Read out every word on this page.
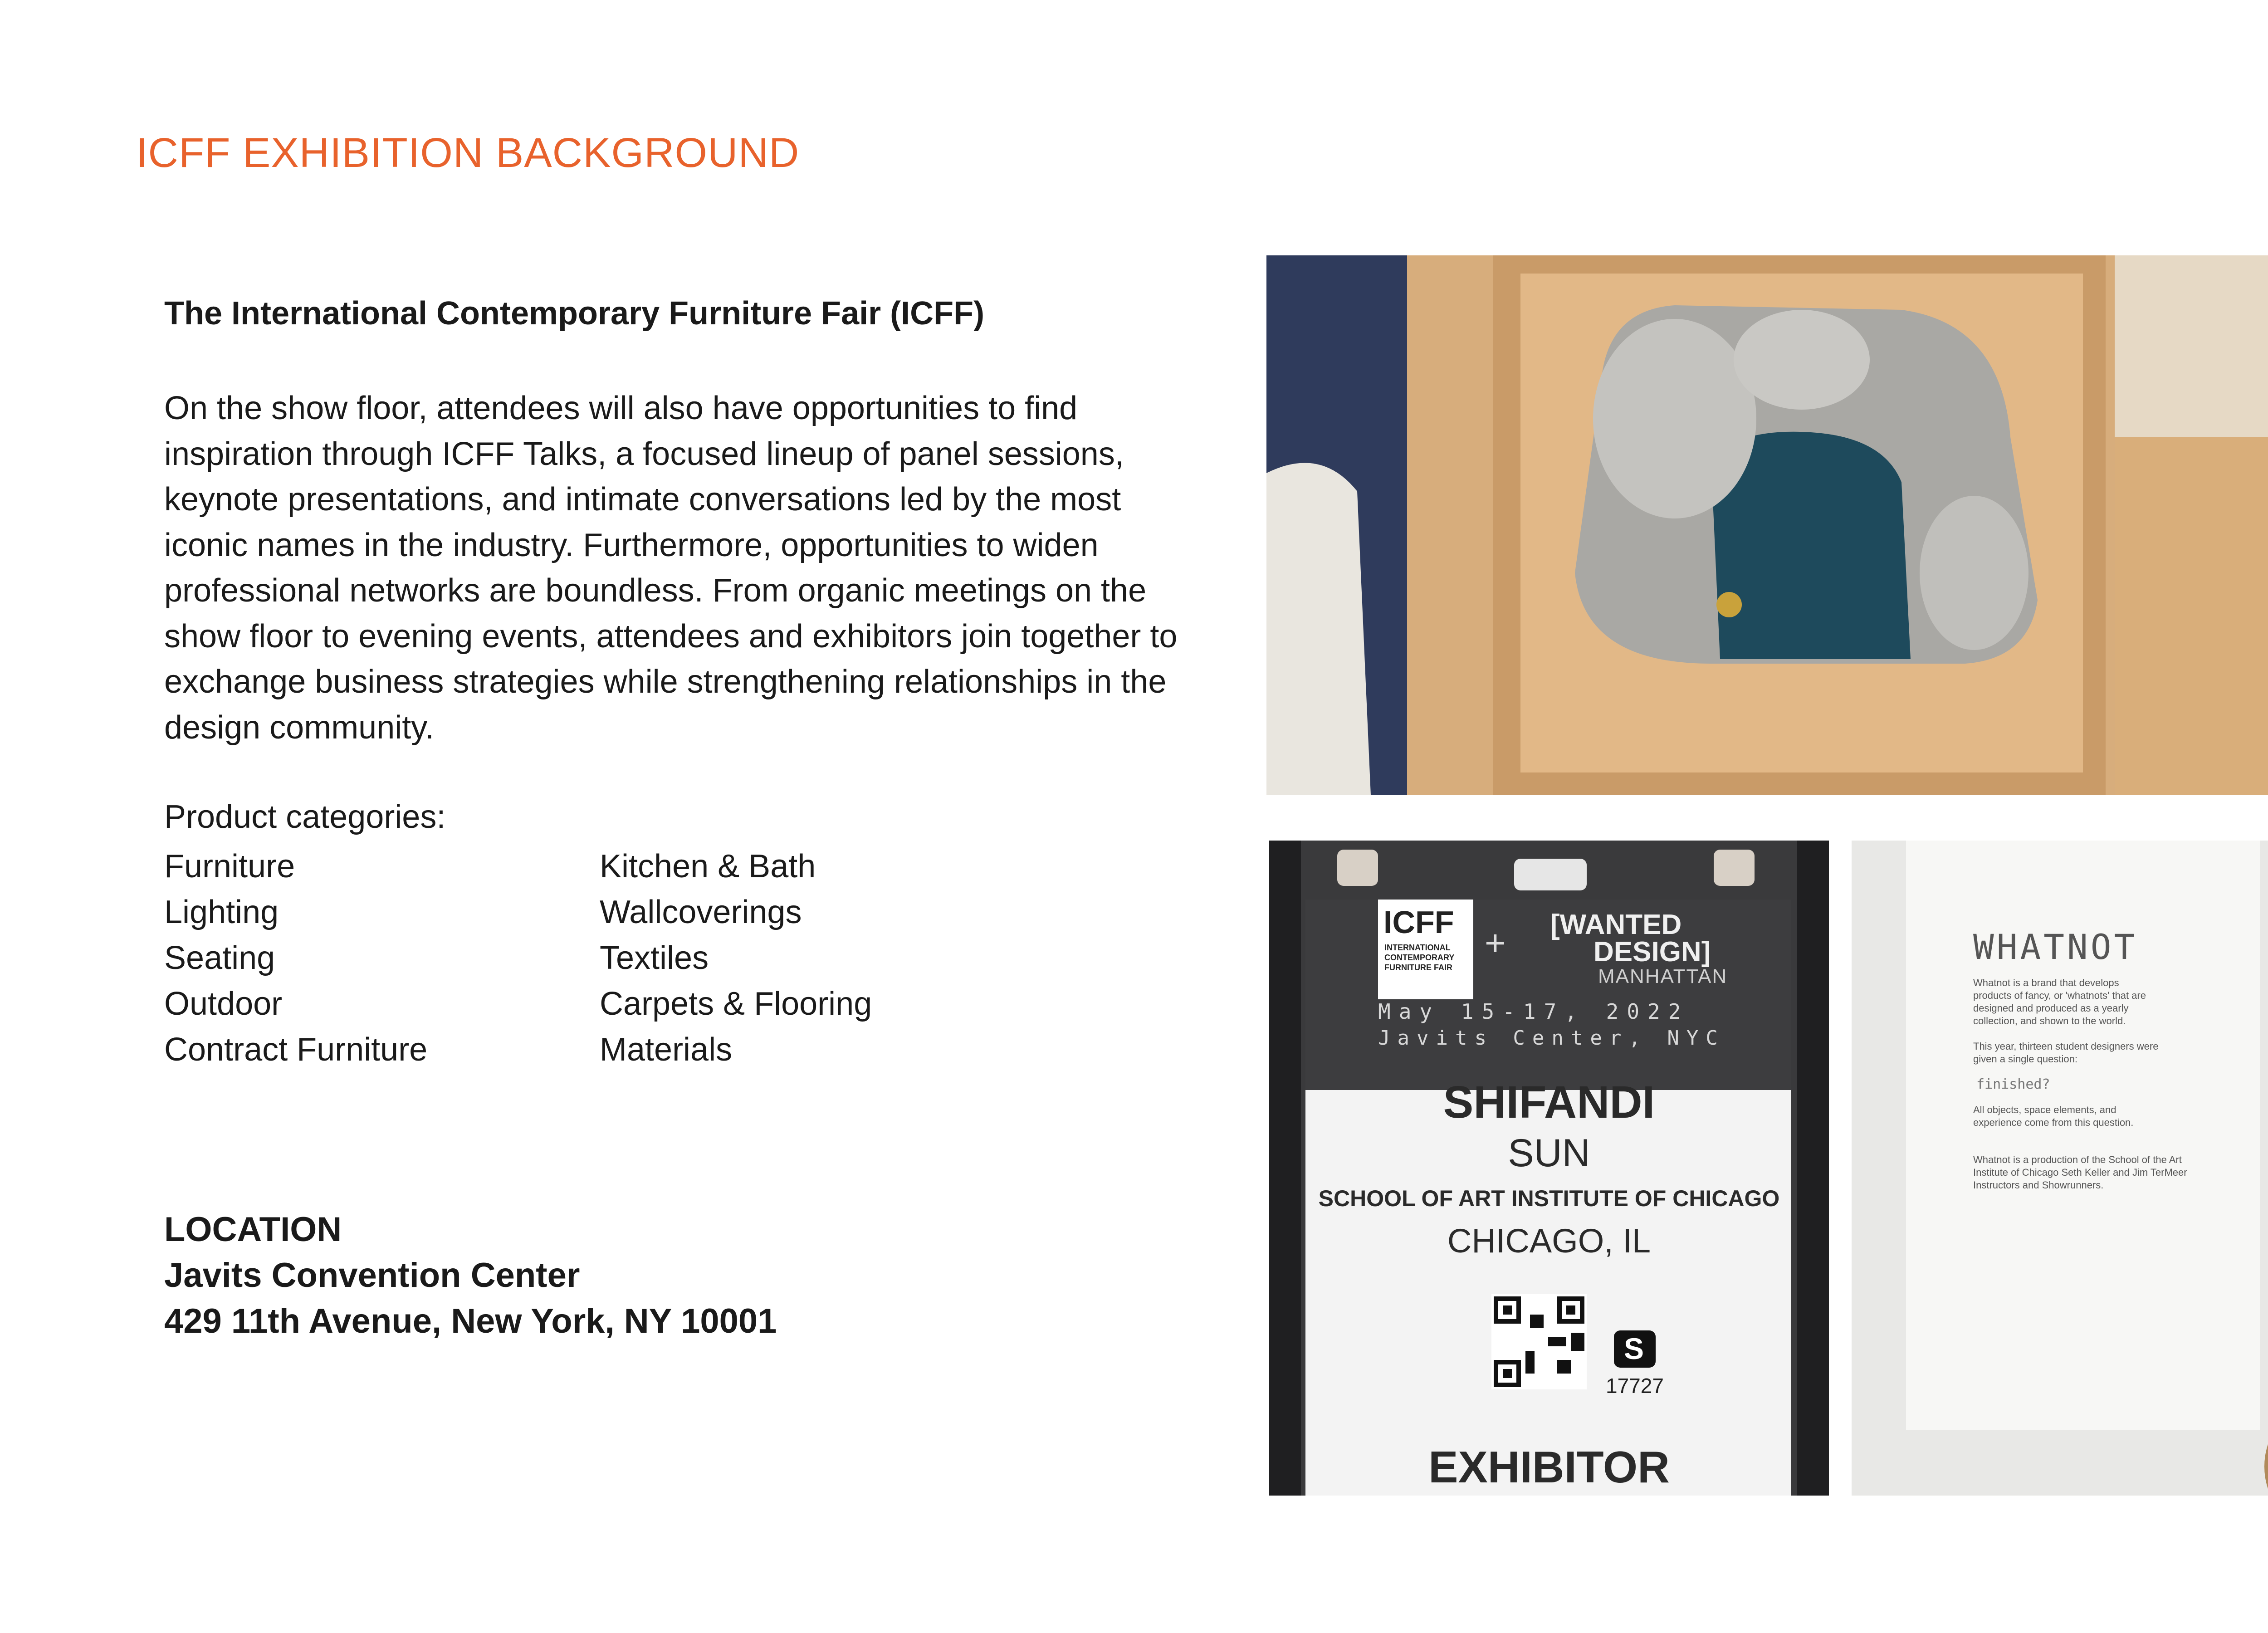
ICFF EXHIBITION BACKGROUND
The International Contemporary Furniture Fair (ICFF)
On the show floor, attendees will also have opportunities to find inspiration through ICFF Talks, a focused lineup of panel sessions, keynote presentations, and intimate conversations led by the most iconic names in the industry. Furthermore, opportunities to widen professional networks are boundless. From organic meetings on the show floor to evening events, attendees and exhibitors join together to exchange business strategies while strengthening relationships in the design community.
Product categories:
Furniture
Lighting
Seating
Outdoor
Contract Furniture
Kitchen & Bath
Wallcoverings
Textiles
Carpets & Flooring
Materials
LOCATION
Javits Convention Center
429 11th Avenue, New York, NY 10001
ICFF
INTERNATIONAL CONTEMPORARY FURNITURE FAIR
+ [WANTED
DESIGN]
MANHATTAN
May 15-17, 2022
Javits Center, NYC
SHIFANDI
SUN
SCHOOL OF ART INSTITUTE OF CHICAGO
CHICAGO, IL
S
17727
EXHIBITOR
WHATNOT
Whatnot is a brand that develops products of fancy, or 'whatnots' that are designed and produced as a yearly collection, and shown to the world.
This year, thirteen student designers were given a single question:
finished?
All objects, space elements, and experience come from this question.
Whatnot is a production of the School of the Art Institute of Chicago Seth Keller and Jim TerMeer Instructors and Showrunners.
